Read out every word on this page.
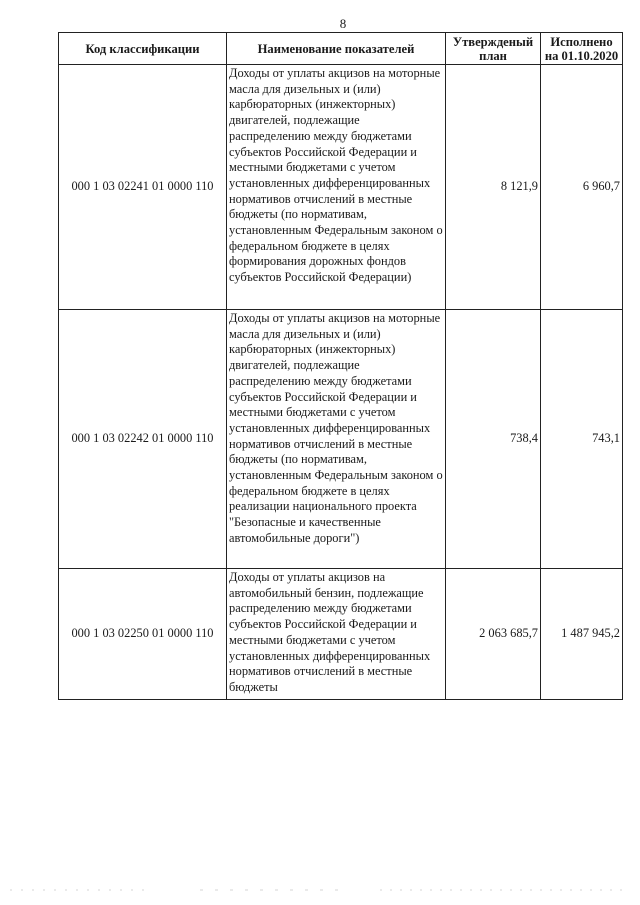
8
Код классификации	Наименование показателей	Утвержденый план	Исполнено на 01.10.2020
000 1 03 02241 01 0000 110	Доходы от уплаты акцизов на моторные масла для дизельных и (или) карбюраторных (инжекторных) двигателей, подлежащие распределению между бюджетами субъектов Российской Федерации и местными бюджетами с учетом установленных дифференцированных нормативов отчислений в местные бюджеты (по нормативам, установленным Федеральным законом о федеральном бюджете в целях формирования дорожных фондов субъектов Российской Федерации)	8 121,9	6 960,7
000 1 03 02242 01 0000 110	Доходы от уплаты акцизов на моторные масла для дизельных и (или) карбюраторных (инжекторных) двигателей, подлежащие распределению между бюджетами субъектов Российской Федерации и местными бюджетами с учетом установленных дифференцированных нормативов отчислений в местные бюджеты (по нормативам, установленным Федеральным законом о федеральном бюджете в целях реализации национального проекта "Безопасные и качественные автомобильные дороги")	738,4	743,1
000 1 03 02250 01 0000 110	Доходы от уплаты акцизов на автомобильный бензин, подлежащие распределению между бюджетами субъектов Российской Федерации и местными бюджетами с учетом установленных дифференцированных нормативов отчислений в местные бюджеты	2 063 685,7	1 487 945,2
